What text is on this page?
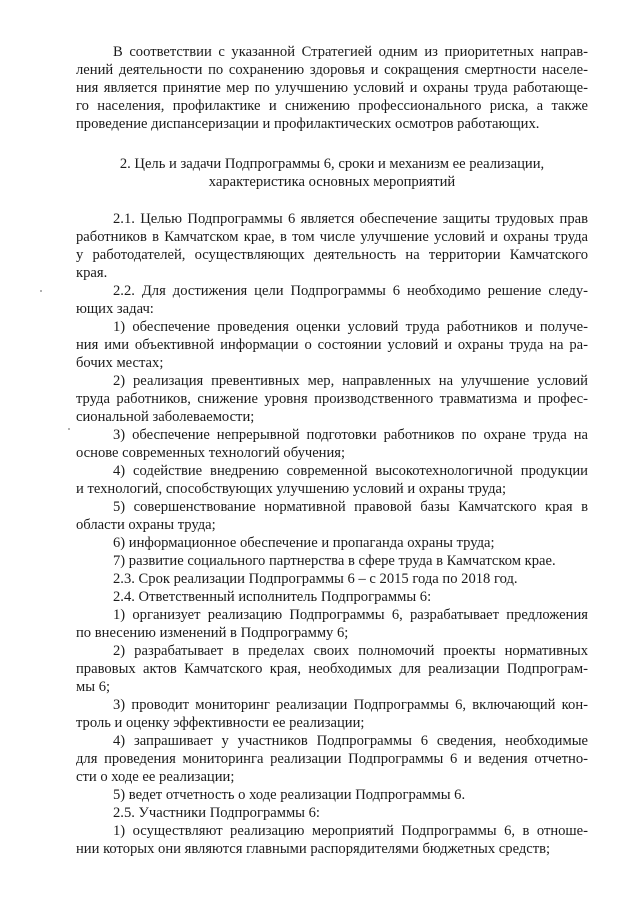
В соответствии с указанной Стратегией одним из приоритетных направ-

лений деятельности по сохранению здоровья и сокращения смертности населе-

ния является принятие мер по улучшению условий и охраны труда работающе-

го населения, профилактике и снижению профессионального риска, а также

проведение диспансеризации и профилактических осмотров работающих.

2. Цель и задачи Подпрограммы 6, сроки и механизм ее реализации,

характеристика основных мероприятий

2.1. Целью Подпрограммы 6 является обеспечение защиты трудовых прав

работников в Камчатском крае, в том числе улучшение условий и охраны труда

у работодателей, осуществляющих деятельность на территории Камчатского

края.

2.2. Для достижения цели Подпрограммы 6 необходимо решение следу-

ющих задач:

1) обеспечение проведения оценки условий труда работников и получе-

ния ими объективной информации о состоянии условий и охраны труда на ра-

бочих местах;

2) реализация превентивных мер, направленных на улучшение условий

труда работников, снижение уровня производственного травматизма и профес-

сиональной заболеваемости;

3) обеспечение непрерывной подготовки работников по охране труда на

основе современных технологий обучения;

4) содействие внедрению современной высокотехнологичной продукции

и технологий, способствующих улучшению условий и охраны труда;

5) совершенствование нормативной правовой базы Камчатского края в

области охраны труда;

6) информационное обеспечение и пропаганда охраны труда;

7) развитие социального партнерства в сфере труда в Камчатском крае.

2.3. Срок реализации Подпрограммы 6 – с 2015 года по 2018 год.

2.4. Ответственный исполнитель Подпрограммы 6:

1) организует реализацию Подпрограммы 6, разрабатывает предложения

по внесению изменений в Подпрограмму 6;

2) разрабатывает в пределах своих полномочий проекты нормативных

правовых актов Камчатского края, необходимых для реализации Подпрограм-

мы 6;

3) проводит мониторинг реализации Подпрограммы 6, включающий кон-

троль и оценку эффективности ее реализации;

4) запрашивает у участников Подпрограммы 6 сведения, необходимые

для проведения мониторинга реализации Подпрограммы 6 и ведения отчетно-

сти о ходе ее реализации;

5) ведет отчетность о ходе реализации Подпрограммы 6.

2.5. Участники Подпрограммы 6:

1) осуществляют реализацию мероприятий Подпрограммы 6, в отноше-

нии которых они являются главными распорядителями бюджетных средств;
